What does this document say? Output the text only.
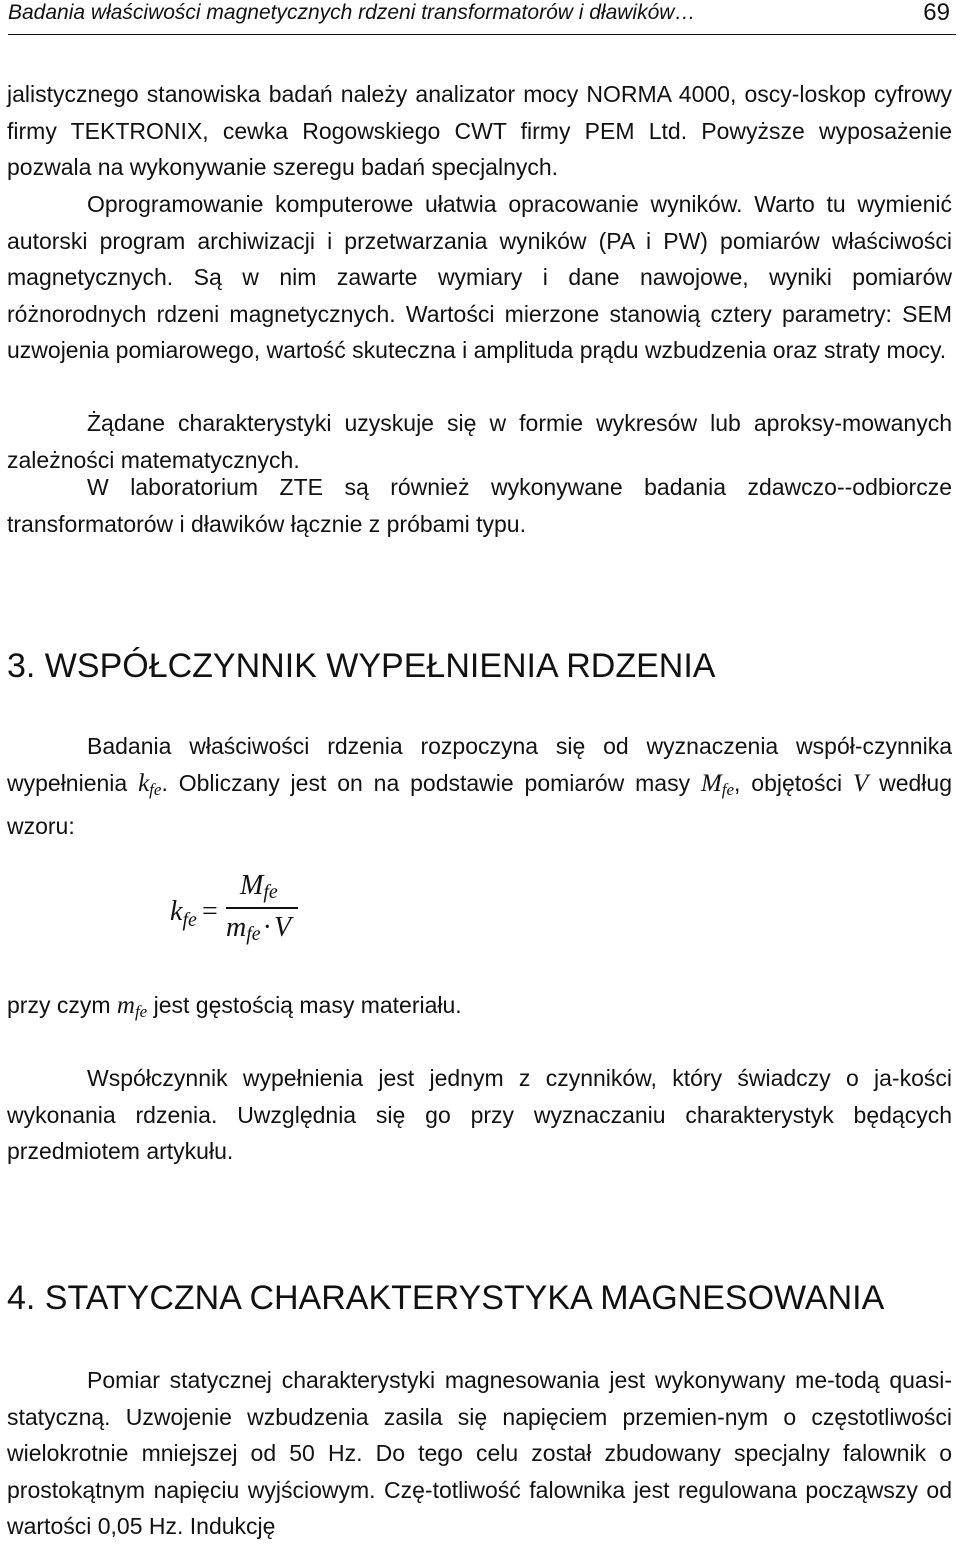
Badania właściwości magnetycznych rdzeni transformatorów i dławików…	69

jalistycznego stanowiska badań należy analizator mocy NORMA 4000, oscy-loskop cyfrowy firmy TEKTRONIX, cewka Rogowskiego CWT firmy PEM Ltd. Powyższe wyposażenie pozwala na wykonywanie szeregu badań specjalnych.

Oprogramowanie komputerowe ułatwia opracowanie wyników. Warto tu wymienić autorski program archiwizacji i przetwarzania wyników (PA i PW) pomiarów właściwości magnetycznych. Są w nim zawarte wymiary i dane nawojowe, wyniki pomiarów różnorodnych rdzeni magnetycznych. Wartości mierzone stanowią cztery parametry: SEM uzwojenia pomiarowego, wartość skuteczna i amplituda prądu wzbudzenia oraz straty mocy.

Żądane charakterystyki uzyskuje się w formie wykresów lub aproksy-mowanych zależności matematycznych.

W laboratorium ZTE są również wykonywane badania zdawczo--odbiorcze transformatorów i dławików łącznie z próbami typu.

3. WSPÓŁCZYNNIK WYPEŁNIENIA RDZENIA

Badania właściwości rdzenia rozpoczyna się od wyznaczenia współ-czynnika wypełnienia $k_{fe}$. Obliczany jest on na podstawie pomiarów masy $M_{fe}$, objętości V według wzoru:

$k_{fe}$ =
$M_{fe}$
$m_{fe}\cdot V$

przy czym $m_{fe}$ jest gęstością masy materiału.

Współczynnik wypełnienia jest jednym z czynników, który świadczy o ja-kości wykonania rdzenia. Uwzględnia się go przy wyznaczaniu charakterystyk będących przedmiotem artykułu.

4. STATYCZNA CHARAKTERYSTYKA MAGNESOWANIA

Pomiar statycznej charakterystyki magnesowania jest wykonywany me-todą quasi-statyczną. Uzwojenie wzbudzenia zasila się napięciem przemien-nym o częstotliwości wielokrotnie mniejszej od 50 Hz. Do tego celu został zbudowany specjalny falownik o prostokątnym napięciu wyjściowym. Czę-totliwość falownika jest regulowana począwszy od wartości 0,05 Hz. Indukcję
